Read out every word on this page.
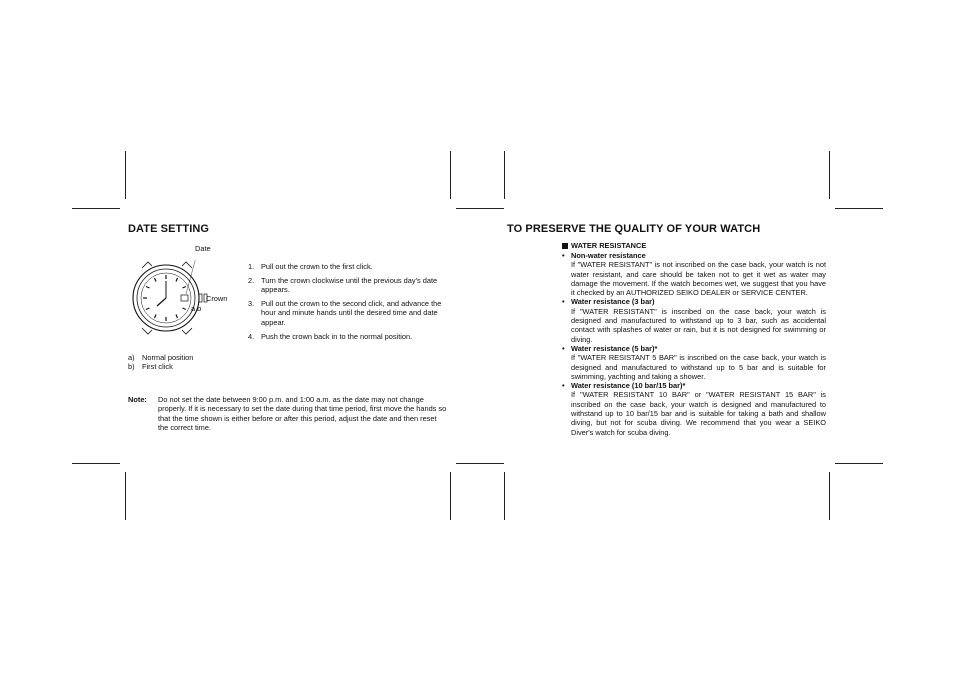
DATE SETTING
Date
Crown
a b
1. Pull out the crown to the first click.
2. Turn the crown clockwise until the previous day's date appears.
3. Pull out the crown to the second click, and advance the hour and minute hands until the desired time and date appear.
4. Push the crown back in to the normal position.
a)	Normal position
b)	First click
Note:	Do not set the date between 9:00 p.m. and 1:00 a.m. as the date may not change properly. If it is necessary to set the date during that time period, first move the hands so that the time shown is either before or after this period, adjust the date and then reset the correct time.
TO PRESERVE THE QUALITY OF YOUR WATCH
WATER RESISTANCE
• Non-water resistance
If "WATER RESISTANT" is not inscribed on the case back, your watch is not water resistant, and care should be taken not to get it wet as water may damage the movement. If the watch becomes wet, we suggest that you have it checked by an AUTHORIZED SEIKO DEALER or SERVICE CENTER.
• Water resistance (3 bar)
If "WATER RESISTANT" is inscribed on the case back, your watch is designed and manufactured to withstand up to 3 bar, such as accidental contact with splashes of water or rain, but it is not designed for swimming or diving.
• Water resistance (5 bar)*
If "WATER RESISTANT 5 BAR" is inscribed on the case back, your watch is designed and manufactured to withstand up to 5 bar and is suitable for swimming, yachting and taking a shower.
• Water resistance (10 bar/15 bar)*
If "WATER RESISTANT 10 BAR" or "WATER RESISTANT 15 BAR" is inscribed on the case back, your watch is designed and manufactured to withstand up to 10 bar/15 bar and is suitable for taking a bath and shallow diving, but not for scuba diving. We recommend that you wear a SEIKO Diver's watch for scuba diving.
